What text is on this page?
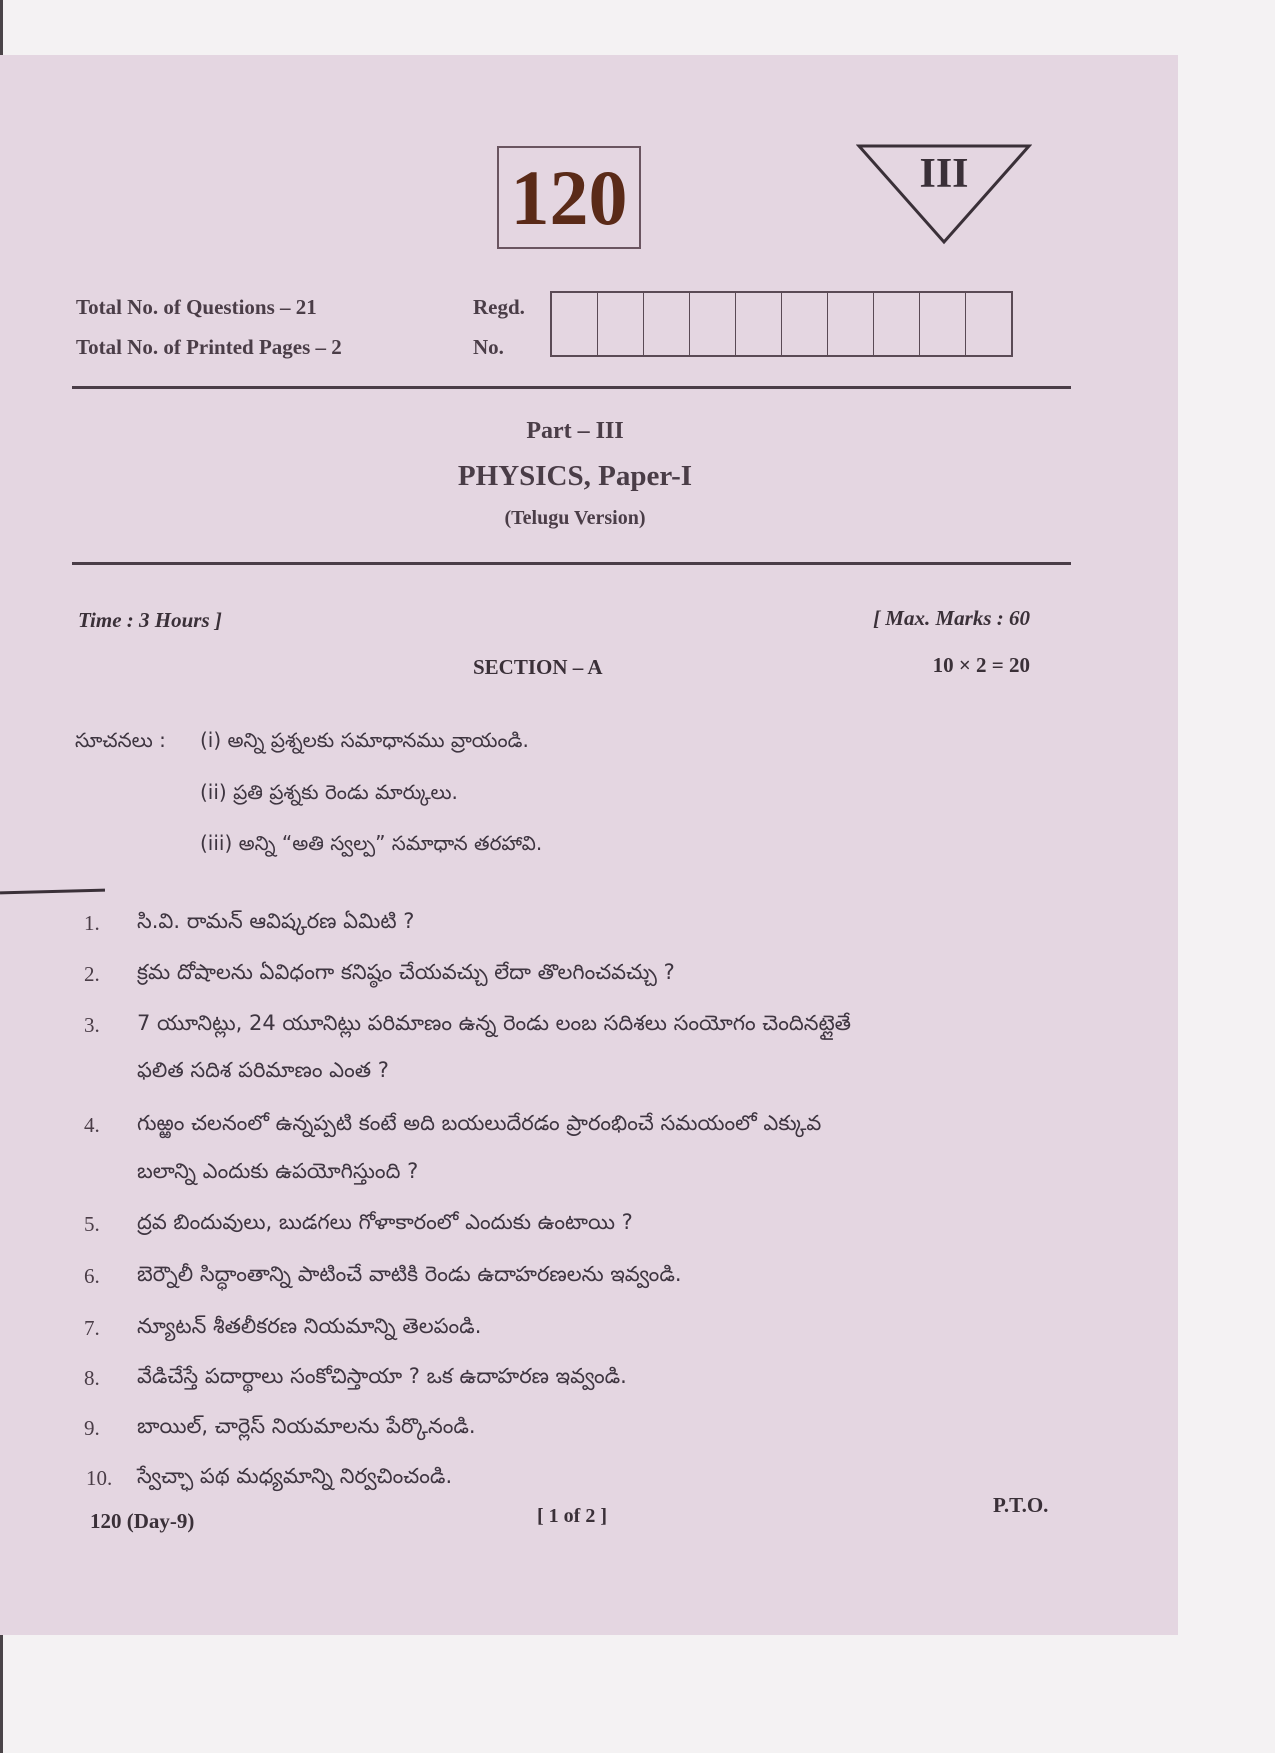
120	III
Total No. of Questions – 21
Total No. of Printed Pages – 2
Regd.
No.
Part – III
PHYSICS, Paper-I
(Telugu Version)
Time : 3 Hours ]	[ Max. Marks : 60
SECTION – A	10 × 2 = 20
సూచనలు : (i) అన్ని ప్రశ్నలకు సమాధానము వ్రాయండి.
(ii) ప్రతి ప్రశ్నకు రెండు మార్కులు.
(iii) అన్ని “అతి స్వల్ప” సమాధాన తరహావి.
1. సి.వి. రామన్ ఆవిష్కరణ ఏమిటి ?
2. క్రమ దోషాలను ఏవిధంగా కనిష్ఠం చేయవచ్చు లేదా తొలగించవచ్చు ?
3. 7 యూనిట్లు, 24 యూనిట్లు పరిమాణం ఉన్న రెండు లంబ సదిశలు సంయోగం చెందినట్లైతే
ఫలిత సదిశ పరిమాణం ఎంత ?
4. గుఱ్ఱం చలనంలో ఉన్నప్పటి కంటే అది బయలుదేరడం ప్రారంభించే సమయంలో ఎక్కువ
బలాన్ని ఎందుకు ఉపయోగిస్తుంది ?
5. ద్రవ బిందువులు, బుడగలు గోళాకారంలో ఎందుకు ఉంటాయి ?
6. బెర్నౌలీ సిద్ధాంతాన్ని పాటించే వాటికి రెండు ఉదాహరణలను ఇవ్వండి.
7. న్యూటన్ శీతలీకరణ నియమాన్ని తెలపండి.
8. వేడిచేస్తే పదార్థాలు సంకోచిస్తాయా ? ఒక ఉదాహరణ ఇవ్వండి.
9. బాయిల్, చార్లెస్ నియమాలను పేర్కొనండి.
10. స్వేచ్ఛా పథ మధ్యమాన్ని నిర్వచించండి.
120 (Day-9)	[ 1 of 2 ]	P.T.O.
